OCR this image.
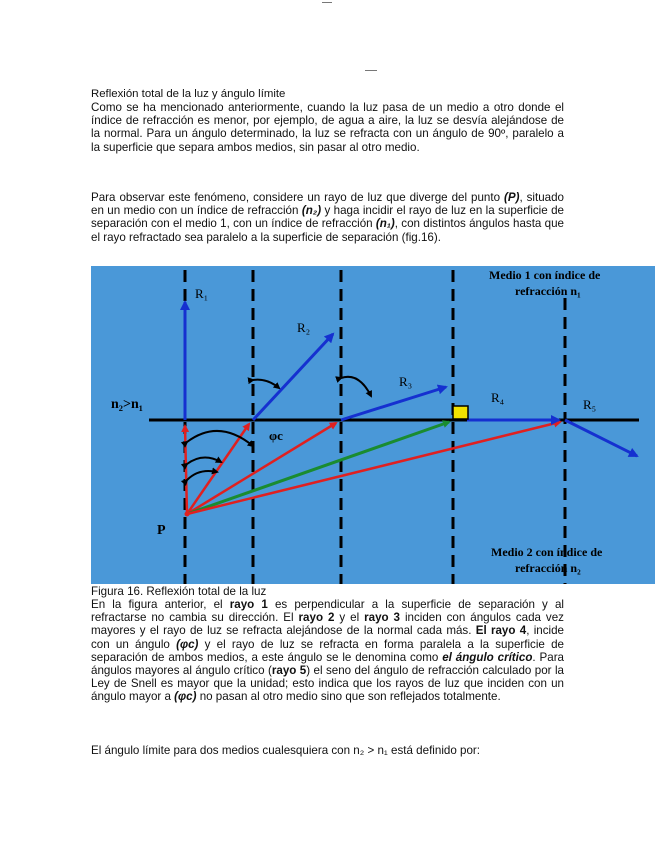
Reflexión total de la luz y ángulo límite

Como se ha mencionado anteriormente, cuando la luz pasa de un medio a otro donde el índice de refracción es menor, por ejemplo, de agua a aire, la luz se desvía alejándose de la normal. Para un ángulo determinado, la luz se refracta con un ángulo de 90º, paralelo a la superficie que separa ambos medios, sin pasar al otro medio.

Para observar este fenómeno, considere un rayo de luz que diverge del punto (P), situado en un medio con un índice de refracción (n₂) y haga incidir el rayo de luz en la superficie de separación con el medio 1, con un índice de refracción (n₁), con distintos ángulos hasta que el rayo refractado sea paralelo a la superficie de separación (fig.16).

Medio 1 con índice de
refracción n₁
Medio 2 con índice de
refracción n₂
n₂>n₁
P
φc
R₁
R₂
R₃
R₄	R₅
Figura 16. Reflexión total de la luz

En la figura anterior, el rayo 1 es perpendicular a la superficie de separación y al refractarse no cambia su dirección. El rayo 2 y el rayo 3 inciden con ángulos cada vez mayores y el rayo de luz se refracta alejándose de la normal cada más. El rayo 4, incide con un ángulo (φc) y el rayo de luz se refracta en forma paralela a la superficie de separación de ambos medios, a este ángulo se le denomina como el ángulo crítico. Para ángulos mayores al ángulo crítico (rayo 5) el seno del ángulo de refracción calculado por la Ley de Snell es mayor que la unidad; esto indica que los rayos de luz que inciden con un ángulo mayor a (φc) no pasan al otro medio sino que son reflejados totalmente.

El ángulo límite para dos medios cualesquiera con n₂ > n₁ está definido por:
